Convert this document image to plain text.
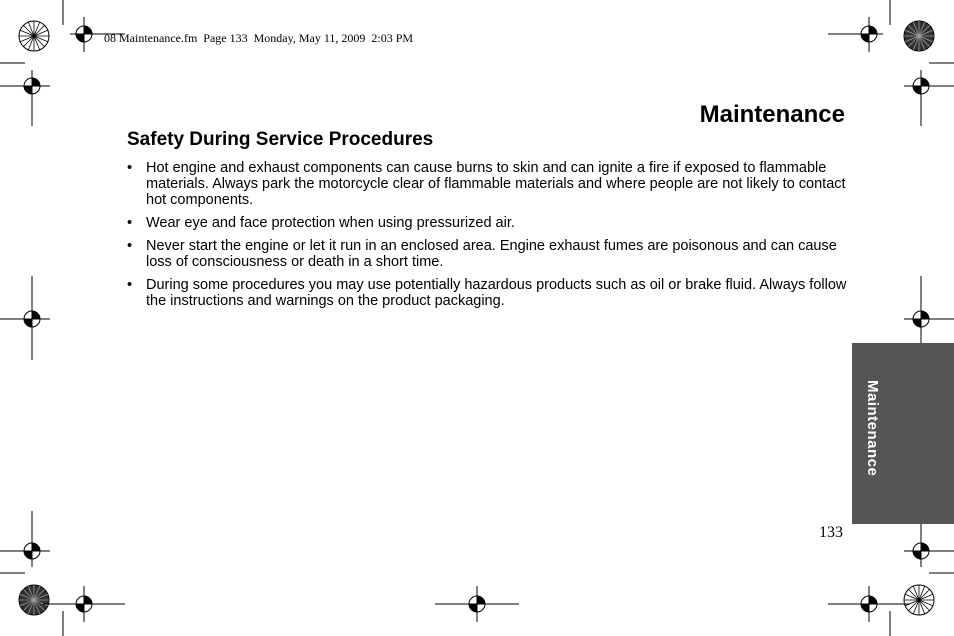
08 Maintenance.fm  Page 133  Monday, May 11, 2009  2:03 PM
Maintenance
Safety During Service Procedures
• Hot engine and exhaust components can cause burns to skin and can ignite a fire if exposed to flammable materials. Always park the motorcycle clear of flammable materials and where people are not likely to contact hot components.
• Wear eye and face protection when using pressurized air.
• Never start the engine or let it run in an enclosed area. Engine exhaust fumes are poisonous and can cause loss of consciousness or death in a short time.
• During some procedures you may use potentially hazardous products such as oil or brake fluid. Always follow the instructions and warnings on the product packaging.
Maintenance
133
